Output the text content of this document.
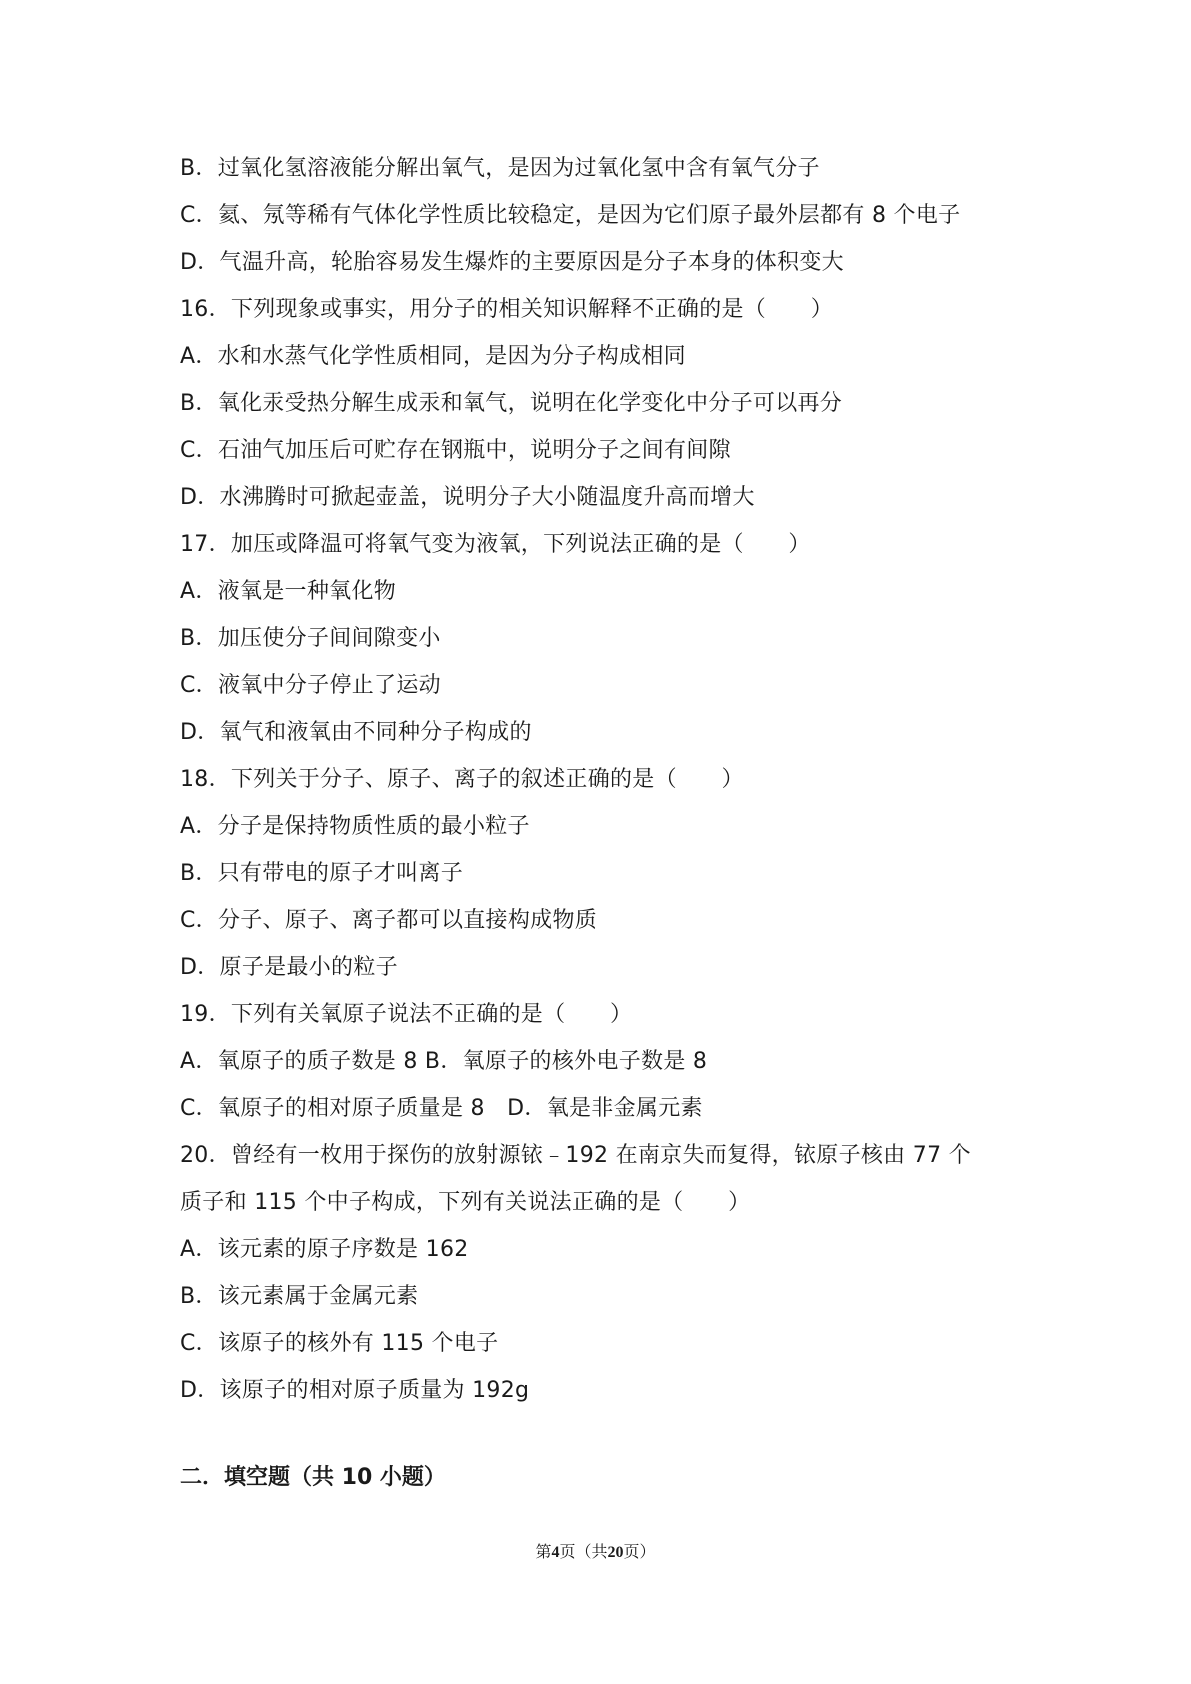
B．过氧化氢溶液能分解出氧气，是因为过氧化氢中含有氧气分子
C．氦、氖等稀有气体化学性质比较稳定，是因为它们原子最外层都有 8 个电子
D．气温升高，轮胎容易发生爆炸的主要原因是分子本身的体积变大
16．下列现象或事实，用分子的相关知识解释不正确的是（　　）
A．水和水蒸气化学性质相同，是因为分子构成相同
B．氧化汞受热分解生成汞和氧气，说明在化学变化中分子可以再分
C．石油气加压后可贮存在钢瓶中，说明分子之间有间隙
D．水沸腾时可掀起壶盖，说明分子大小随温度升高而增大
17．加压或降温可将氧气变为液氧，下列说法正确的是（　　）
A．液氧是一种氧化物
B．加压使分子间间隙变小
C．液氧中分子停止了运动
D．氧气和液氧由不同种分子构成的
18．下列关于分子、原子、离子的叙述正确的是（　　）
A．分子是保持物质性质的最小粒子
B．只有带电的原子才叫离子
C．分子、原子、离子都可以直接构成物质
D．原子是最小的粒子
19．下列有关氧原子说法不正确的是（　　）
A．氧原子的质子数是 8 B．氧原子的核外电子数是 8
C．氧原子的相对原子质量是 8　D．氧是非金属元素
20．曾经有一枚用于探伤的放射源铱﹣192 在南京失而复得，铱原子核由 77 个
质子和 115 个中子构成，下列有关说法正确的是（　　）
A．该元素的原子序数是 162
B．该元素属于金属元素
C．该原子的核外有 115 个电子
D．该原子的相对原子质量为 192g
二．填空题（共 10 小题）
第4页（共20页）
